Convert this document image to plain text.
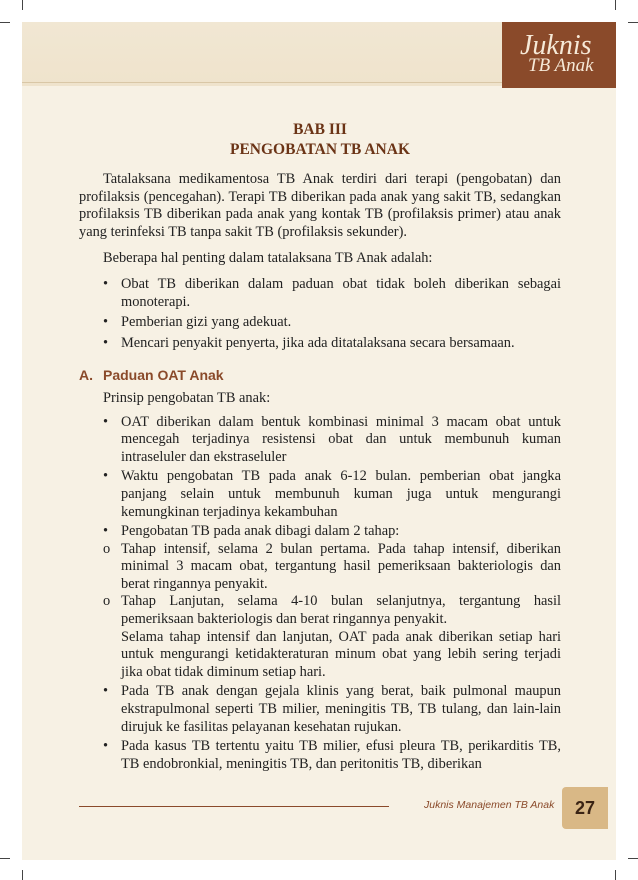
Juknis
TB Anak
BAB III
PENGOBATAN TB ANAK

Tatalaksana medikamentosa TB Anak terdiri dari terapi (pengobatan) dan profilaksis (pencegahan). Terapi TB diberikan pada anak yang sakit TB, sedangkan profilaksis TB diberikan pada anak yang kontak TB (profilaksis primer) atau anak yang terinfeksi TB tanpa sakit TB (profilaksis sekunder).

Beberapa hal penting dalam tatalaksana TB Anak adalah:

• Obat TB diberikan dalam paduan obat tidak boleh diberikan sebagai monoterapi.
• Pemberian gizi yang adekuat.
• Mencari penyakit penyerta, jika ada ditatalaksana secara bersamaan.
A. Paduan OAT Anak

Prinsip pengobatan TB anak:

• OAT diberikan dalam bentuk kombinasi minimal 3 macam obat untuk mencegah terjadinya resistensi obat dan untuk membunuh kuman intraseluler dan ekstraseluler
• Waktu pengobatan TB pada anak 6-12 bulan. pemberian obat jangka panjang selain untuk membunuh kuman juga untuk mengurangi kemungkinan terjadinya kekambuhan
• Pengobatan TB pada anak dibagi dalam 2 tahap:
o Tahap intensif, selama 2 bulan pertama. Pada tahap intensif, diberikan minimal 3 macam obat, tergantung hasil pemeriksaan bakteriologis dan berat ringannya penyakit.
o Tahap Lanjutan, selama 4-10 bulan selanjutnya, tergantung hasil pemeriksaan bakteriologis dan berat ringannya penyakit.
Selama tahap intensif dan lanjutan, OAT pada anak diberikan setiap hari untuk mengurangi ketidakteraturan minum obat yang lebih sering terjadi jika obat tidak diminum setiap hari.
• Pada TB anak dengan gejala klinis yang berat, baik pulmonal maupun ekstrapulmonal seperti TB milier, meningitis TB, TB tulang, dan lain-lain dirujuk ke fasilitas pelayanan kesehatan rujukan.
• Pada kasus TB tertentu yaitu TB milier, efusi pleura TB, perikarditis TB, TB endobronkial, meningitis TB, dan peritonitis TB, diberikan
Juknis Manajemen TB Anak	27
